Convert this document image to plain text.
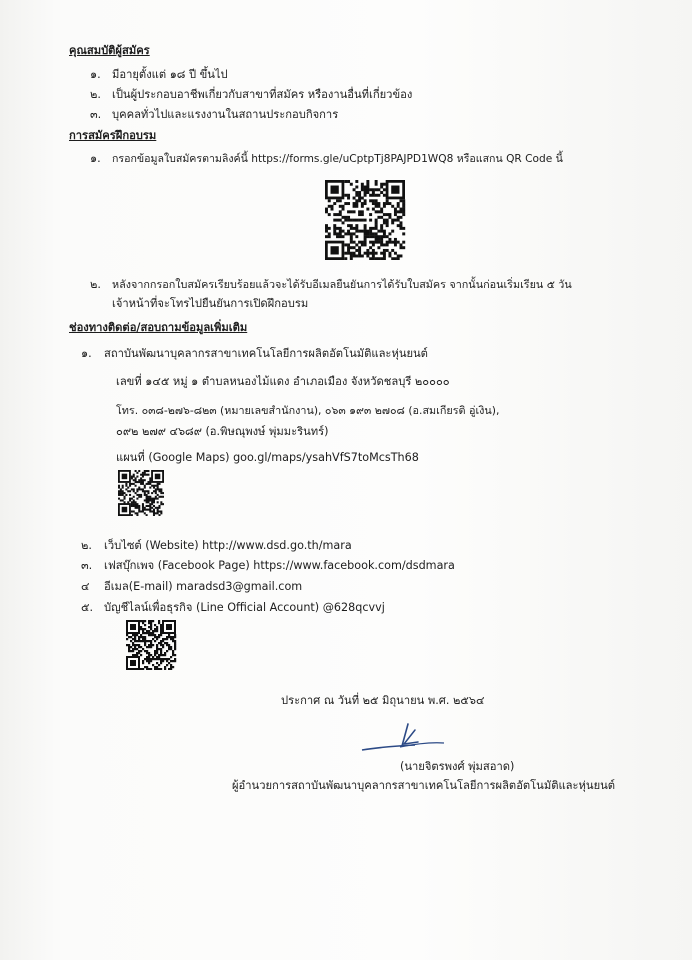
คุณสมบัติผู้สมัคร
๑. มีอายุตั้งแต่ ๑๘ ปี ขึ้นไป
๒. เป็นผู้ประกอบอาชีพเกี่ยวกับสาขาที่สมัคร หรืองานอื่นที่เกี่ยวข้อง
๓. บุคคลทั่วไปและแรงงานในสถานประกอบกิจการ
การสมัครฝึกอบรม
๑. กรอกข้อมูลใบสมัครตามลิงค์นี้ https://forms.gle/uCptpTj8PAJPD1WQ8 หรือแสกน QR Code นี้
๒. หลังจากกรอกใบสมัครเรียบร้อยแล้วจะได้รับอีเมลยืนยันการได้รับใบสมัคร จากนั้นก่อนเริ่มเรียน ๕ วัน
เจ้าหน้าที่จะโทรไปยืนยันการเปิดฝึกอบรม
ช่องทางติดต่อ/สอบถามข้อมูลเพิ่มเติม
๑. สถาบันพัฒนาบุคลากรสาขาเทคโนโลยีการผลิตอัตโนมัติและหุ่นยนต์
เลขที่ ๑๔๕ หมู่ ๑ ตำบลหนองไม้แดง อำเภอเมือง จังหวัดชลบุรี ๒๐๐๐๐
โทร. ๐๓๘-๒๗๖-๘๒๓ (หมายเลขสำนักงาน), ๐๖๓ ๑๙๓ ๒๗๐๘ (อ.สมเกียรติ อู่เงิน),
๐๙๒ ๒๗๙ ๔๖๘๙ (อ.พิษณุพงษ์ พุ่มมะรินทร์)
แผนที่ (Google Maps) goo.gl/maps/ysahVfS7toMcsTh68
๒. เว็บไซต์ (Website) http://www.dsd.go.th/mara
๓. เฟสบุ๊กเพจ (Facebook Page) https://www.facebook.com/dsdmara
๔ อีเมล(E-mail) maradsd3@gmail.com
๕. บัญชีไลน์เพื่อธุรกิจ (Line Official Account) @628qcvvj
ประกาศ ณ วันที่ ๒๕ มิถุนายน พ.ศ. ๒๕๖๔
(นายจิตรพงศ์ พุ่มสอาด)
ผู้อำนวยการสถาบันพัฒนาบุคลากรสาขาเทคโนโลยีการผลิตอัตโนมัติและหุ่นยนต์
